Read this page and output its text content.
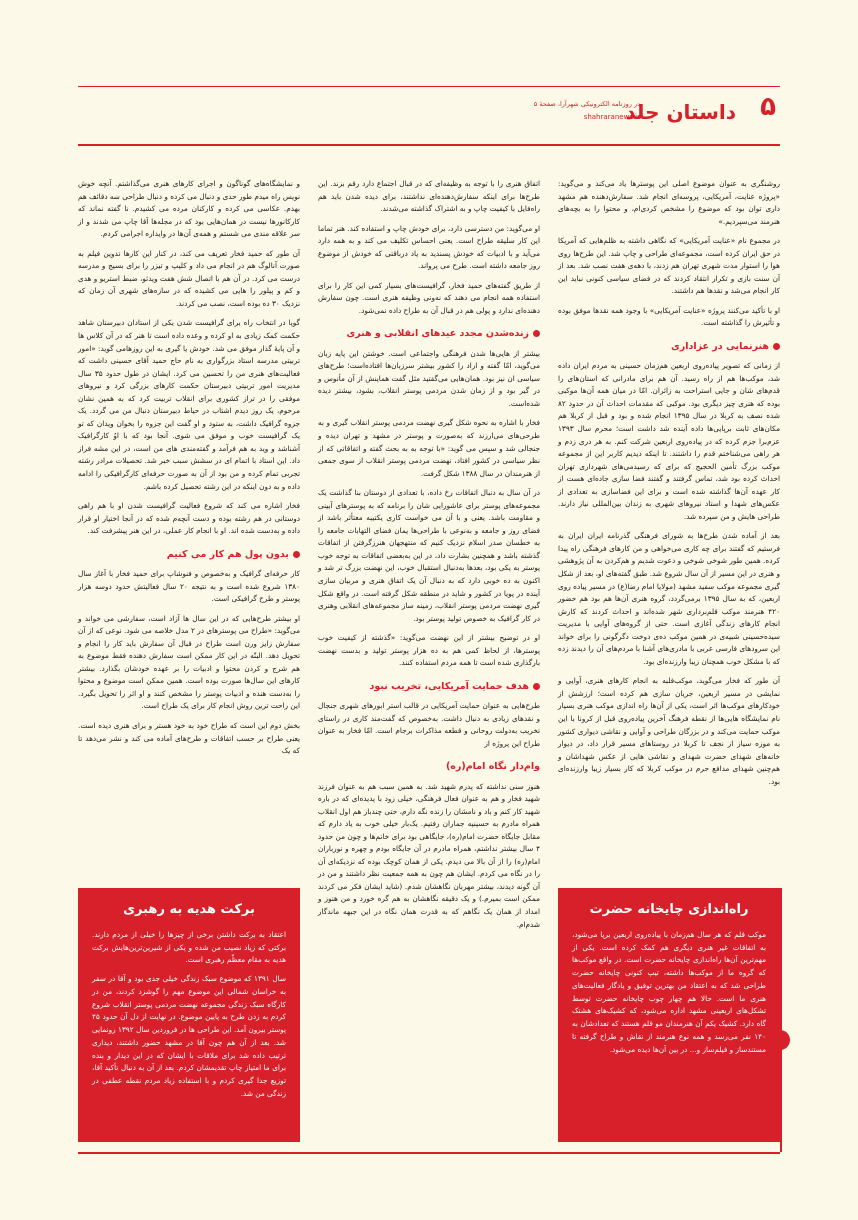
۵
داستان جلد
در روزنامه الکترونیکی شهرآرا، صفحهٔ ۵
shahraranews.ir

روشنگری به عنوان موضوع اصلی این پوسترها یاد می‌کند و می‌گوید: «پروژه عنایت، آمریکایی، پروسه‌ای انجام شد. سفارش‌دهنده هم مشهد داری توان بود که موضوع را مشخص کردی‌ام، و محتوا را به بچه‌های هنرمند می‌سپردیم.»

در مجموع نام «عنایت آمریکایی» که نگاهی داشته به ظلم‌هایی که آمریکا در حق ایران کرده است، مجموعه‌ای طراحی و چاپ شد. این طرح‌ها روی هوا را استوار مدت شهری تهران هم زدند، با دهه‌ی هفت نصب شد. بعد از آن سنت بازی و تکرار انتقاد کردند که در فضای سیاسی کنونی نباید این کار انجام می‌شد و نقد‌ها هم داشتند.

او با تأکید می‌کنند پروژه «عنایت آمریکایی» با وجود همه نقدها موفق بوده و تأثیرش را گذاشته است.

هنرنمایی در عزاداری

از زمانی که تصویر پیاده‌روی اربعین هم‌زمان حسینی به مردم ایران داده شد، موکب‌ها هم از راه رسید. آن هم برای مادرانی که استان‌های را قدم‌های شان و جایی استراحت به زائران. امّا در میان همه آن‌ها موکبی بوده که هنری چیز دیگری بود. موکبی که مقدمات احداث آن در حدود ۸۲ شده نصف به کربلا در سال ۱۳۹۵ انجام شده و بود و قبل از کربلا هم مکان‌های ثابت برپایی‌ها داده آینده شد داشت است؛ محرم سال ۱۳۹۳ عزم‌برا جزم کرده که در پیاده‌روی اربعین شرکت کنم. به هر دری زدم و هر راهی می‌شناختم قدم را داشتند. تا اینکه دیدیم کاربر این از مجموعه موکب بزرگ تأمین الحجیج که برای که رسیدمی‌های شهرداری تهران احداث کرده بود شد، تماس گرفتند و گفتند فضا سازی جاده‌ای هست از کار عهده آن‌ها گذاشته شده است و برای این فضاسازی به تعداد‌ی از عکس‌های شهدا و استاد نیروهای شهری به زندان بین‌المللی نیاز دارند. طراحی هایش و من سپرده شد.

بعد از آماده شدن طرح‌ها به شورای فرهنگی گذرنامه ایران ایران به فرستیم که گفتند برای چه کاری می‌خواهی و من کارهای فرهنگی راه پیدا کرده. همین طور شوخی شوخی و دعوت شدیم و هم‌کردن به آن پژوهشی و هنری در این مسیر از آن سال شروع شد. طبق گفته‌های او، بعد از شکل گیری مجموعه موکب سفید مشهد (مولایا امام رضا(ع) در مسیر پیاده روی اربعین، که به سال ۱۳۹۵ برمی‌گردد، گروه هنری آن‌ها هم بود هم حضور ۴۲۰ هنرمند موکب قلم‌برداری شهر شده‌اند و احداث کردند که کارش انجام کارهای زندگی آغازی است. حتی از گروه‌های آوایی با مدیریت سیده‌حسینی شبیه‌ی در همین موکب ده‌ی دوخت دگرگونی را برای خواند این سرود‌های فارسی عربی با مادر‌ی‌های آشنا با مردم‌های آن را دیدند زده که با مشکل خوب همچنان زیبا وارزنده‌ای بود.

آن طور که فخار می‌گوید، موکب‌فلبه به انجام کارهای هنری، آوایی و نمایشی در مسیر اربعین، جریان سازی هم کرده است؛ ارزشش از خودکارهای موکب‌ها اثر است، یکی از آن‌ها راه اندازی موکب هنری بسیار نام نمایشگاه هایی‌ها از نقطه فرهنگ آخرین پیاده‌روی قبل از کرونا با این موکب حمایت می‌کند و در بزرگان طراحی و آوایی و نقاشی دیواری کشور به موزه سیاز از نجف تا کربلا در روستاهای مسیر قرار داد، در دیوار خانه‌های شهدای حضرت شهدای و نقاشی هایی از عکس شهداشان و هم‌چنین شهدای مدافع حرم در موکب کربلا که کار بسیار زیبا وارزنده‌ای بود.

اتفاق هنری را با توجه به وظیفه‌ای که در قبال اجتماع دارد رقم بزند. این طرح‌ها برای اینکه سفارش‌دهنده‌ای نداشتند، برای دیده شدن باید هم راه‌فایل با کیفیت چاپ و به اشتراک گذاشته می‌شدند.

او می‌گوید: من دسترسی دارد، برای خودش چاپ و استفاده کند. هنر تماما این کار سلیقه طراح است. یعنی احساس تکلیف می کند و به همه دارد می‌آید و با ادبیات که خودش پسندید به یاد درباقتی که خودش از موضوع روز جامعه داشته است. طرح می پرواند.

از طریق گفته‌های حمید فخار، گرافیست‌های بسیار کمی این کار را برای استفاده همه انجام می دهند که نه‌ونی وظیفه هنری است. چون سفارش دهنده‌ای ندارد و پولی هم در قبال آن به طراح داده نمی‌شود.

زنده‌شدن مجدد عیدهای انقلابی و هنری

بیشتر از هایی‌ها شدن فرهنگی واجتماعی است. خوشتن این پایه زبان می‌گوید، امّا گفته و اراد را کشور بیشتر سرزبان‌ها افتاده‌است؛ طرح‌های سیاسی ان نیز بود. همان‌هایی می‌گفتید مثل گفت هماینش از آن مأنوس و در گیر بود و از زمان شدن مردمی پوستر انقلاب، بشود، بیشتر دیده شده‌است.

فخار با اشاره به نحوه شکل گیری نهضت مردمی پوستر انقلاب گیری و به طرحی‌های می‌ارزند که به‌صورت و پوستر در مشهد و تهران دیده و جنجالی شد و سپس می گوید: «با توجه به به بحث گفته و اتفاقاتی که از نظر سیاسی در کشور افتاد، نهضت مردمی پوستر انقلاب از سوی جمعی از هنرمندان در سال ۱۳۸۸ شکل گرفت.

در آن سال به دنبال اتفاقات رخ داده، با تعدادی از دوستان بنا گذاشت یک مجموعه‌های پوستر برای عاشورایی شان را برنامه که به پوسترهای آیینی و مقاومت باشد. یعنی و با آن می خواست کاری یکتیبه معتأثر باشد از فضای روز و جامعه و به‌نوعی با طراحی‌ها یمان فضای التهابات جامعه را به خطسان صدر اسلام نزدیک کنیم که منتهجهان هنرزگرفتن از اتفاقات گذشته باشد و همچنین بشارت داد، در این به‌بعضی اتفاقات به توجه خوب پوستر به یکی بود، بعد‌ها به‌دنبال استقبال خوب، این نهضت بزرگ تر شد و اکنون به ده خوبی دارد که به دنبال آن یک اتفاق هنری و مربیان سازی آینده در پویا در کشور و شاید در منطقه شکل گرفته است. در واقع شکل گیری نهضت مردمی پوستر انقلاب، زمینه ساز مجموعه‌های انقلابی وهنری در کار گرافیک به خصوص تولید پوستر بود.

او در توضیح بیشتر از این نهضت می‌گوید: «گذشته از کیفیت خوب پوسترها، از لحاظ کمی هم به ده هزار پوستر تولید و بدست نهضت بارگذاری شده است تا همه مردم استفاده کنند.

هدف حمایت آمریکایی، تخریب نبود

طرح‌هایی به عنوان حمایت آمریکایی در قالب استر ابورهای شهری جنجال و نقد‌های زیادی به دنبال داشت. به‌خصوص که گفت‌مند کاری در راستای تخریب به‌دولت روحانی و قطعه مذاکرات برجام است. امّا فخار به عنوان طراح این پروژه از

وام‌دار نگاه امام(ره)

هنوز سنی نداشته که پدرم شهید شد. به همین سبب هم به عنوان فرزند شهید فخار و هم به عنوان فعال فرهنگی، خیلی زود با پدیده‌ای که در باره شهید کار کنم و باد و نامشان را زنده نگه دارم، حتی چندبار هم اول انقلاب همراه مادرم به حسینیه جماران رفتیم. یک‌بار خیلی خوب به یاد دارم که مقابل جایگاه حضرت امام(ره)، جایگاهی بود برای خانم‌ها و چون من حدود ۴ سال بیشتر نداشتم، همراه مادرم در آن جایگاه بودم و چهره و نورباران امام(ره) را از آن بالا می دیدم. یکی از همان کوچک بوده که نزدیکه‌ای آن را در نگاه می کردم. ایشان هم چون به همه جمعیت نظر داشتند و من در آن گونه دیدند، بیشتر مهربان نگاهشان شدم. (شاید ایشان فکر می کردند ممکن است بمیرم.) و یک دقیقه نگاهشان به هم گره خورد و من هنوز و امداد از همان یک نگاهم که به قدرت همان نگاه در این جبهه ماندگار شدم‌ام.

و نمایشگاه‌های گوناگون و اجرای کارهای هنری می‌گذاشتم. آنچه خوش نویس راه میدم طور حدی و دنبال می کرده و دنبال طراحی سه دقائف هم بهدم. عکاسی می کرده و کارکنان مرده می کشیدم. نا گفته نماند که کارکانورها نیست در همان‌هایی بود که در مجله‌ها آقا چاپ می شدند و از سر علاقه مندی می شستم و همه‌ی آن‌ها در وایداره اجرامی کردم.

آن طور که حمید فخار تعریف می کند، در کنار این کارها تدوین فیلم به صورت آنالوگ هم در انجام می داد و کلیپ و تیزر را برای بسیج و مدرسه درست می کرد. در آن هم با اتصال شش هفت ویدئو، ضبط استریو و هدی و کم و پیلور را هایی می کشیده که در سازه‌های شهری آن زمان که نزدیک ۳۰ ده بوده است، نصب می کردند.

گویا در انتخاب راه برای گرافیست شدن یکی از استادان دبیرستان شاهد حکمت کمک زیادی به او کرده و وعده داده است تا هنر که در آن کلاس ها و آن پایهٔ گذار موفق می شد. خودش یا گیری به این روزهامی گوید: «امور تربیتی مدرسه استاد بزرگواری به نام حاج حمید آقای حسینی داشت که فعالیت‌های هنری من را تحسین می کرد. ایشان در طول حدود ۳۵ سال مدیریت امور تربیتی دبیرستان حکمت کارهای بزرگی کرد و نیروهای موفقی را در تراز کشوری برای انقلاب تربیت کرد که به همین نشان مرحوم، یک روز دیدم اشتاب در حیاط دبیرستان دنبال من می گردد. یک جزوه گرافیک داشت، به ستود و او گفت این جزوه را بخوان ویدان که تو یک گرافیست خوب و موفق می شوی. آنجا بود که با اوُ کارگرافیک آشناشد و وید به هم فرآمد و گفته‌مندی های من است، در این مشه فراز داد. این استاد با اتمام ای در سشش سبب خبر شد. تحصیلات مرادر رشته تجربی تمام کرده و من بود از آن به صورت حرفه‌ای کارگرافیکی را ادامه داده و به دون اینکه در این رشته تحصیل کرده باشم.

فخار اشاره می کند که شروع فعالیت گرافیست شدن او با هم راهی دوستانی در هم رشته بوده و دست آنچه‌م شده که در آنجا اختیار او قرار داده و به‌دست شده‌ اند. او با انجام کار عملی، در این هنر پیشرفت کند.

بدون پول هم کار می کنیم

کار حرفه‌ای گرافیک و به‌خصوص و فنوشاپ برای حمید فخار با آغاز سال ۱۳۸۰ شروع شده است و به نتیجه ۲۰ سال فعالیتش حدود دوسه هزار پوستر و طرح گرافیکی است.

او بیشتر طرح‌هایی که در این سال ها آزاد است، سفارشی می خواند و می‌گوید: «طراح می پوسترهای در ۲ مدل خلاصه می شود. نوعی که از آن سفارش زایز ورن است طراح در قبال آن سفارش باید کار را انجام و تحویل دهد. البتّه در این کار ممکن است سفارش دهنده فقط موضوع به هم شرج و کردن محتوا و ادبیات را بر عهده خودشان بگذارد. بیشتر کارهای این سال‌ها صورت بوده است. همین ممکن است موضوع و محتوا را به‌دست هنده و ادبیات پوستر را مشخص کنند و او اثر را تحویل بگیرد. این راحت ترین روش انجام کار برای یک طراح است.

بخش دوم این است که طراح خود به‌ خود هستر و برای هنری دیده است. یعنی طراح بر حسب اتفاقات و طرح‌های آماده می کند و نشر می‌دهد تا که یک

راه‌اندازی چایخانه حضرت

موکب قلم که هر سال هم‌زمان با پیاده‌روی اربعین برپا می‌شود، به اتفاقات غیر هنری دیگری هم کمک کرده است. یکی از مهم‌ترین آن‌ها راه‌اندازی چایخانه حضرت است. در واقع موکب‌ها که گروه ما از موکب‌ها داشته، تیپ کنونی چایخانه حضرت طراحی شد که به اعتقاد من بهترین توفیق و یادگار فعالیت‌های هنری ما است. حالا هم چهار چوب چایخانه حضرت توسط تشکل‌های اربعینی مشهد اداره می‌شود، که کشیک‌های هشتک گاه دارد. کشیک یکم آن هنرمندان مو قلم هستند که تعدادشان به ۱۴۰ نفر می‌رسد و همه نوع هنرمند از نقاش و طراح گرفته تا مستندساز و فیلم‌ساز و... در بین آن‌ها دیده می‌شود.

برکت هدیه به رهبری

اعتقاد به برکت داشتن برخی از چیزها را خیلی از مردم دارند. برکتی که زیاد نصیب من شده و یکی از شیرین‌ترین‌هایش برکت هدیه به مقام معظّم رهبری است.

سال ۱۳۹۱ که موضوع سبک زندگی خیلی جدی بود و آقا در سفر به خراسان شمالی این موضوع مهم را گوشزد کردند، من در کارگاه سبک زندگی مجموعه نهضت مردمی پوستر انقلاب شروع کردم به زدن طرح به پایین موضوع. در نهایت از دل آن حدود ۴۵ پوستر بیرون آمد. این طراحی ها در فروردین سال ۱۳۹۲ رونمایی شد. بعد از آن هم چون آقا در مشهد حضور داشتند، دیداری ترتیب داده شد برای ملاقات با ایشان که در این دیدار و بنده برای ما امتیاز چاپ تقدیمشان کردم. بعد از آن به دنبال تأکید آقا، توزیع جدا گیری کردم و با استفاده زیاد مردم نقطه عطفی در زندگی من شد.
